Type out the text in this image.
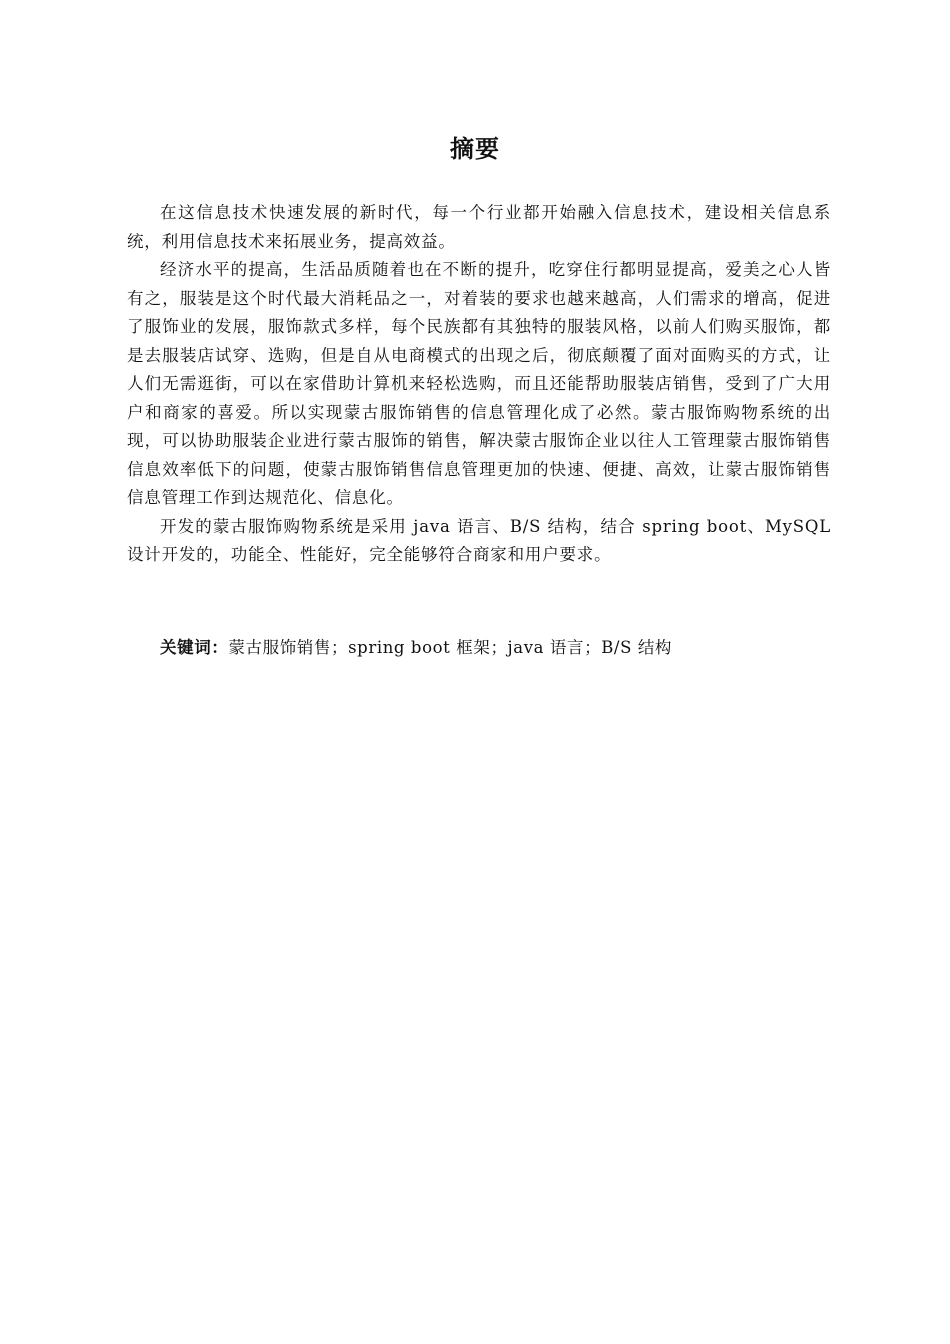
摘要

在这信息技术快速发展的新时代，每一个行业都开始融入信息技术，建设相关信息系统，利用信息技术来拓展业务，提高效益。

经济水平的提高，生活品质随着也在不断的提升，吃穿住行都明显提高，爱美之心人皆有之，服装是这个时代最大消耗品之一，对着装的要求也越来越高，人们需求的增高，促进了服饰业的发展，服饰款式多样，每个民族都有其独特的服装风格，以前人们购买服饰，都是去服装店试穿、选购，但是自从电商模式的出现之后，彻底颠覆了面对面购买的方式，让人们无需逛街，可以在家借助计算机来轻松选购，而且还能帮助服装店销售，受到了广大用户和商家的喜爱。所以实现蒙古服饰销售的信息管理化成了必然。蒙古服饰购物系统的出现，可以协助服装企业进行蒙古服饰的销售，解决蒙古服饰企业以往人工管理蒙古服饰销售信息效率低下的问题，使蒙古服饰销售信息管理更加的快速、便捷、高效，让蒙古服饰销售信息管理工作到达规范化、信息化。

开发的蒙古服饰购物系统是采用 java 语言、B/S 结构，结合 spring boot、MySQL 设计开发的，功能全、性能好，完全能够符合商家和用户要求。

关键词：蒙古服饰销售；spring boot 框架；java 语言；B/S 结构
